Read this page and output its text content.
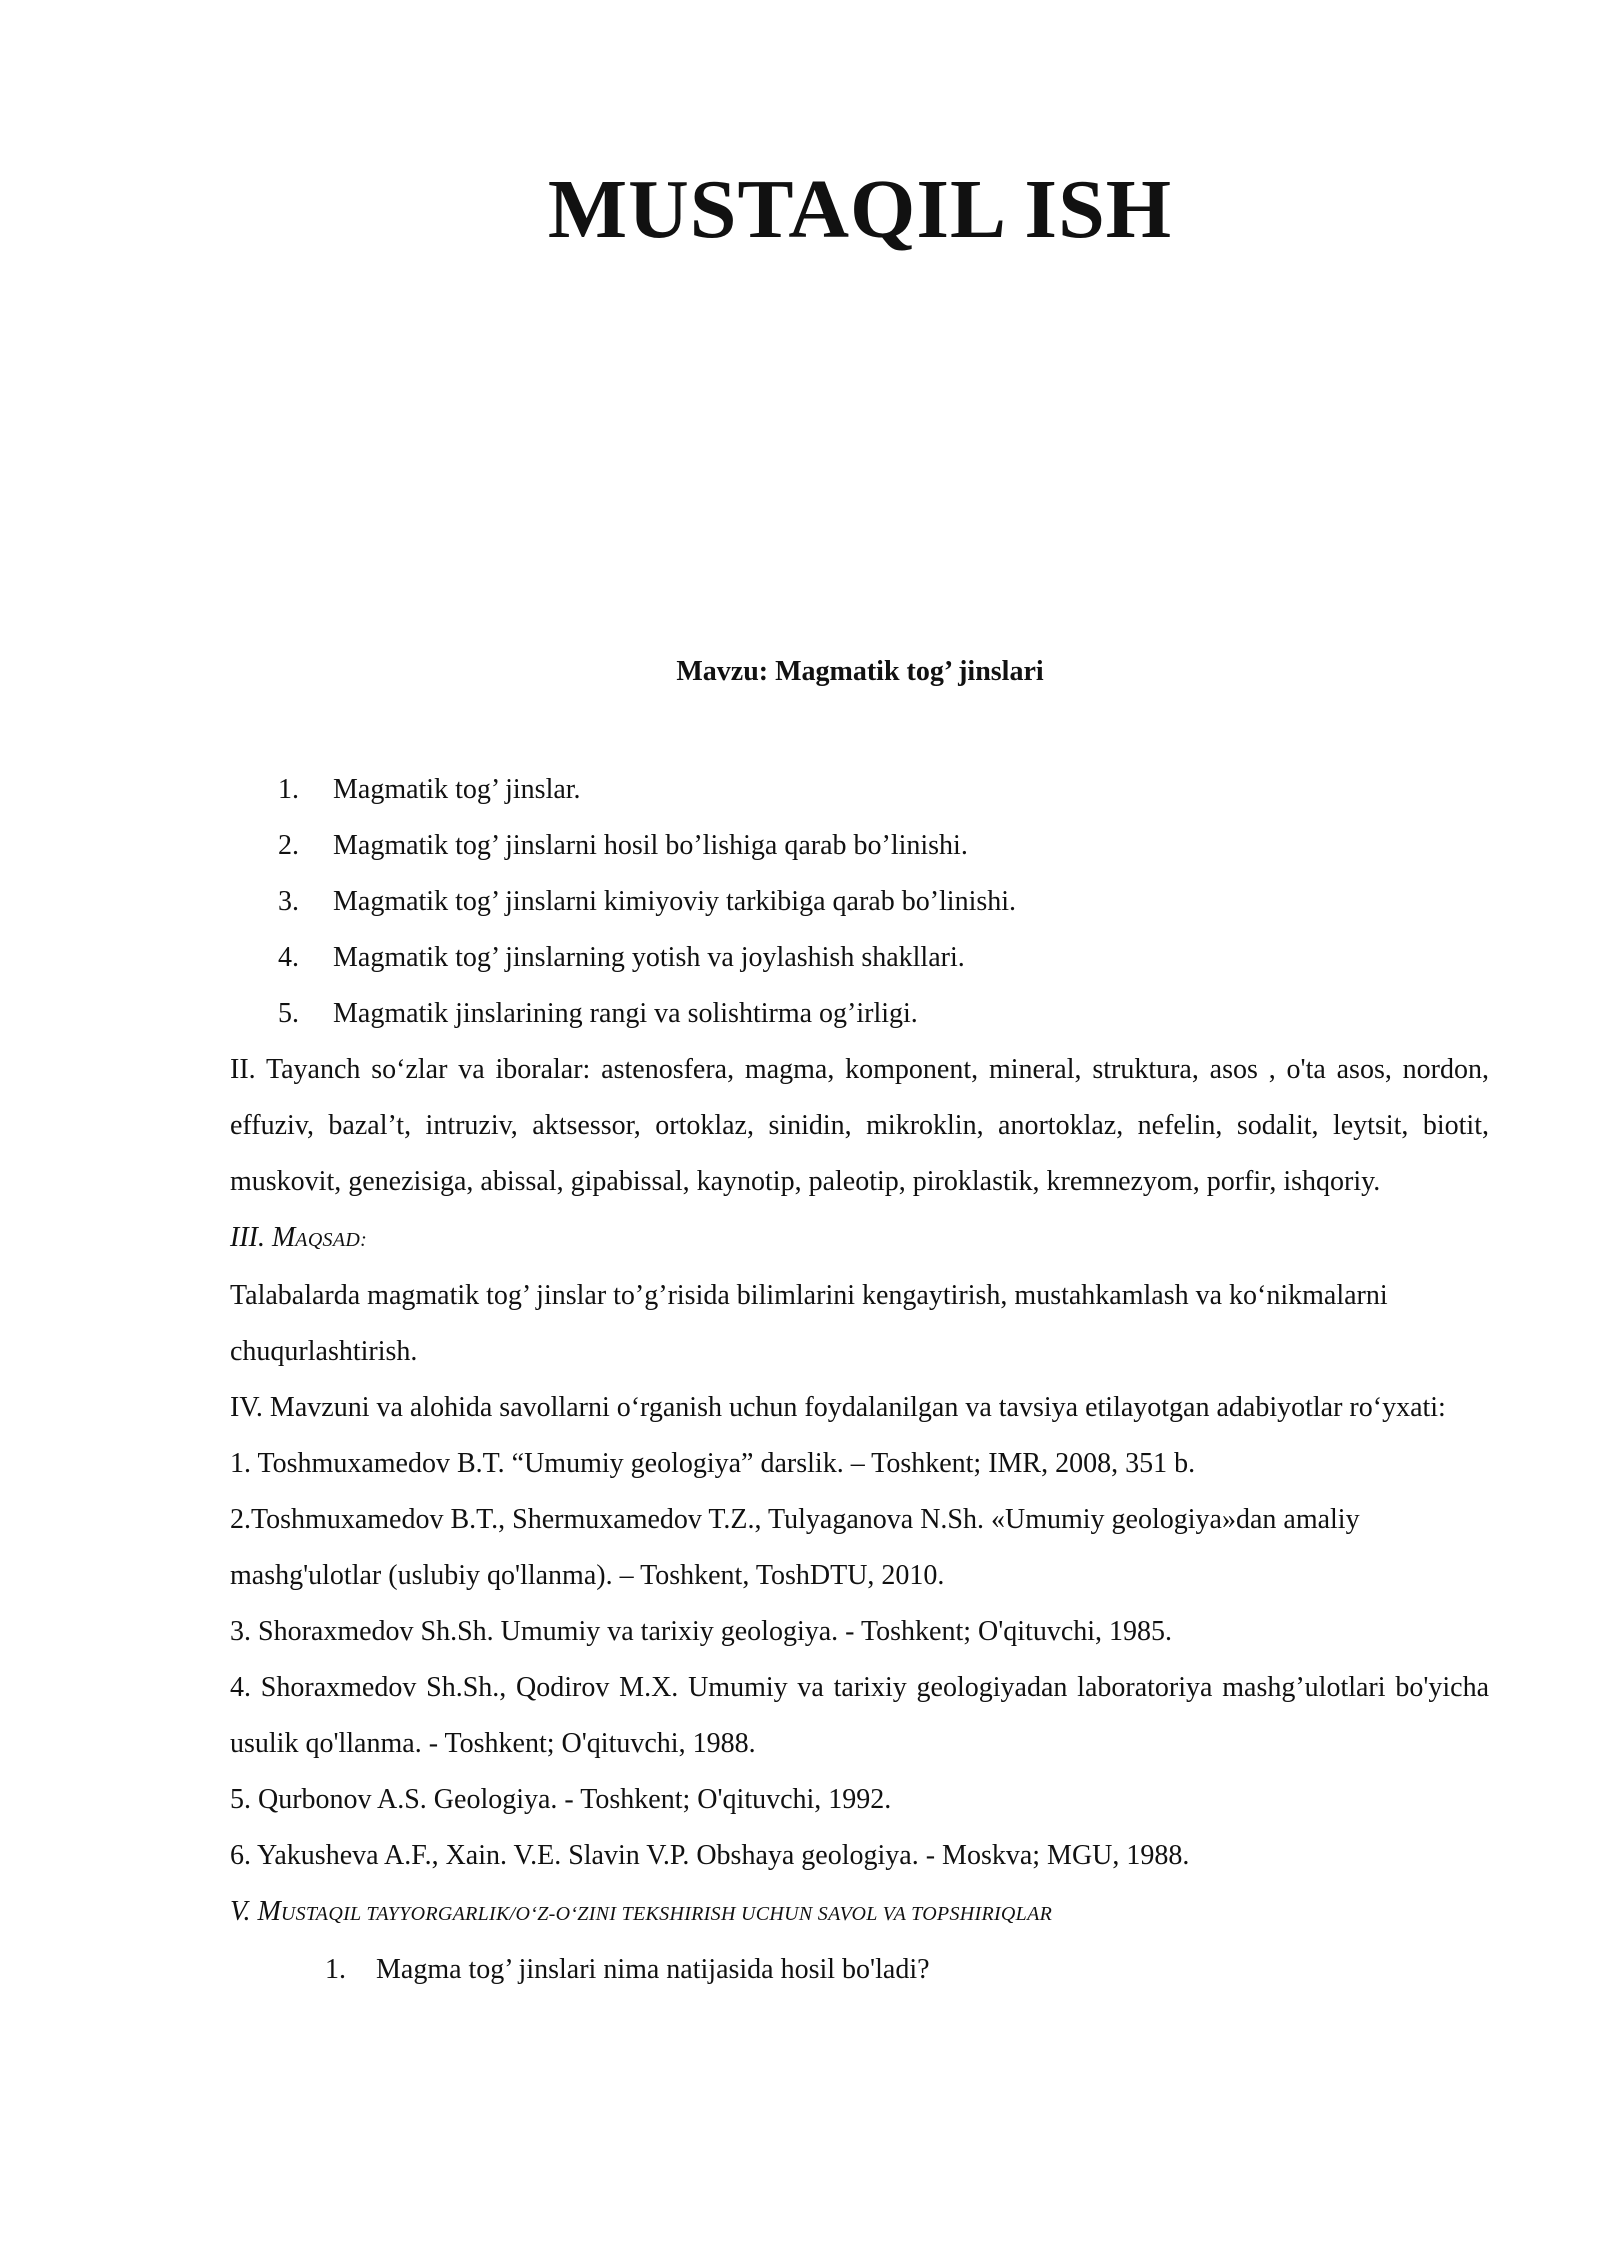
MUSTAQIL ISH

Mavzu: Magmatik tog’ jinslari

1. Magmatik tog’ jinslar.
2. Magmatik tog’ jinslarni hosil bo’lishiga qarab bo’linishi.
3. Magmatik tog’ jinslarni kimiyoviy tarkibiga qarab bo’linishi.
4. Magmatik tog’ jinslarning yotish va joylashish shakllari.
5. Magmatik jinslarining rangi va solishtirma og’irligi.

II. Tayanch so‘zlar va iboralar: astenosfera, magma, komponent, mineral, struktura, asos , o'ta asos, nordon, effuziv, bazal’t, intruziv, aktsessor, ortoklaz, sinidin, mikroklin, anortoklaz, nefelin, sodalit, leytsit, biotit, muskovit, genezisiga, abissal, gipabissal, kaynotip, paleotip, piroklastik, kremnezyom, porfir, ishqoriy.

III. MAQSAD:

Talabalarda magmatik tog’ jinslar to’g’risida bilimlarini kengaytirish, mustahkamlash va ko‘nikmalarni chuqurlashtirish.

IV. Mavzuni va alohida savollarni o‘rganish uchun foydalanilgan va tavsiya etilayotgan adabiyotlar ro‘yxati:

1. Toshmuxamedov B.T. “Umumiy geologiya” darslik. – Toshkent; IMR, 2008, 351 b.

2.Toshmuxamedov B.T., Shermuxamedov T.Z., Tulyaganova N.Sh. «Umumiy geologiya»dan amaliy mashg'ulotlar (uslubiy qo'llanma). – Toshkent, ToshDTU, 2010.

3. Shoraxmedov Sh.Sh. Umumiy va tarixiy geologiya. - Toshkent; O'qituvchi, 1985.

4. Shoraxmedov Sh.Sh., Qodirov M.X. Umumiy va tarixiy geologiyadan laboratoriya mashg’ulotlari bo'yicha usulik qo'llanma. - Toshkent; O'qituvchi, 1988.

5. Qurbonov A.S. Geologiya. - Toshkent; O'qituvchi, 1992.

6. Yakusheva A.F., Xain. V.E. Slavin V.P. Obshaya geologiya. - Moskva; MGU, 1988.

V. MUSTAQIL TAYYORGARLIK/O‘Z-O‘ZINI TEKSHIRISH UCHUN SAVOL VA TOPSHIRIQLAR

1. Magma tog’ jinslari nima natijasida hosil bo'ladi?
